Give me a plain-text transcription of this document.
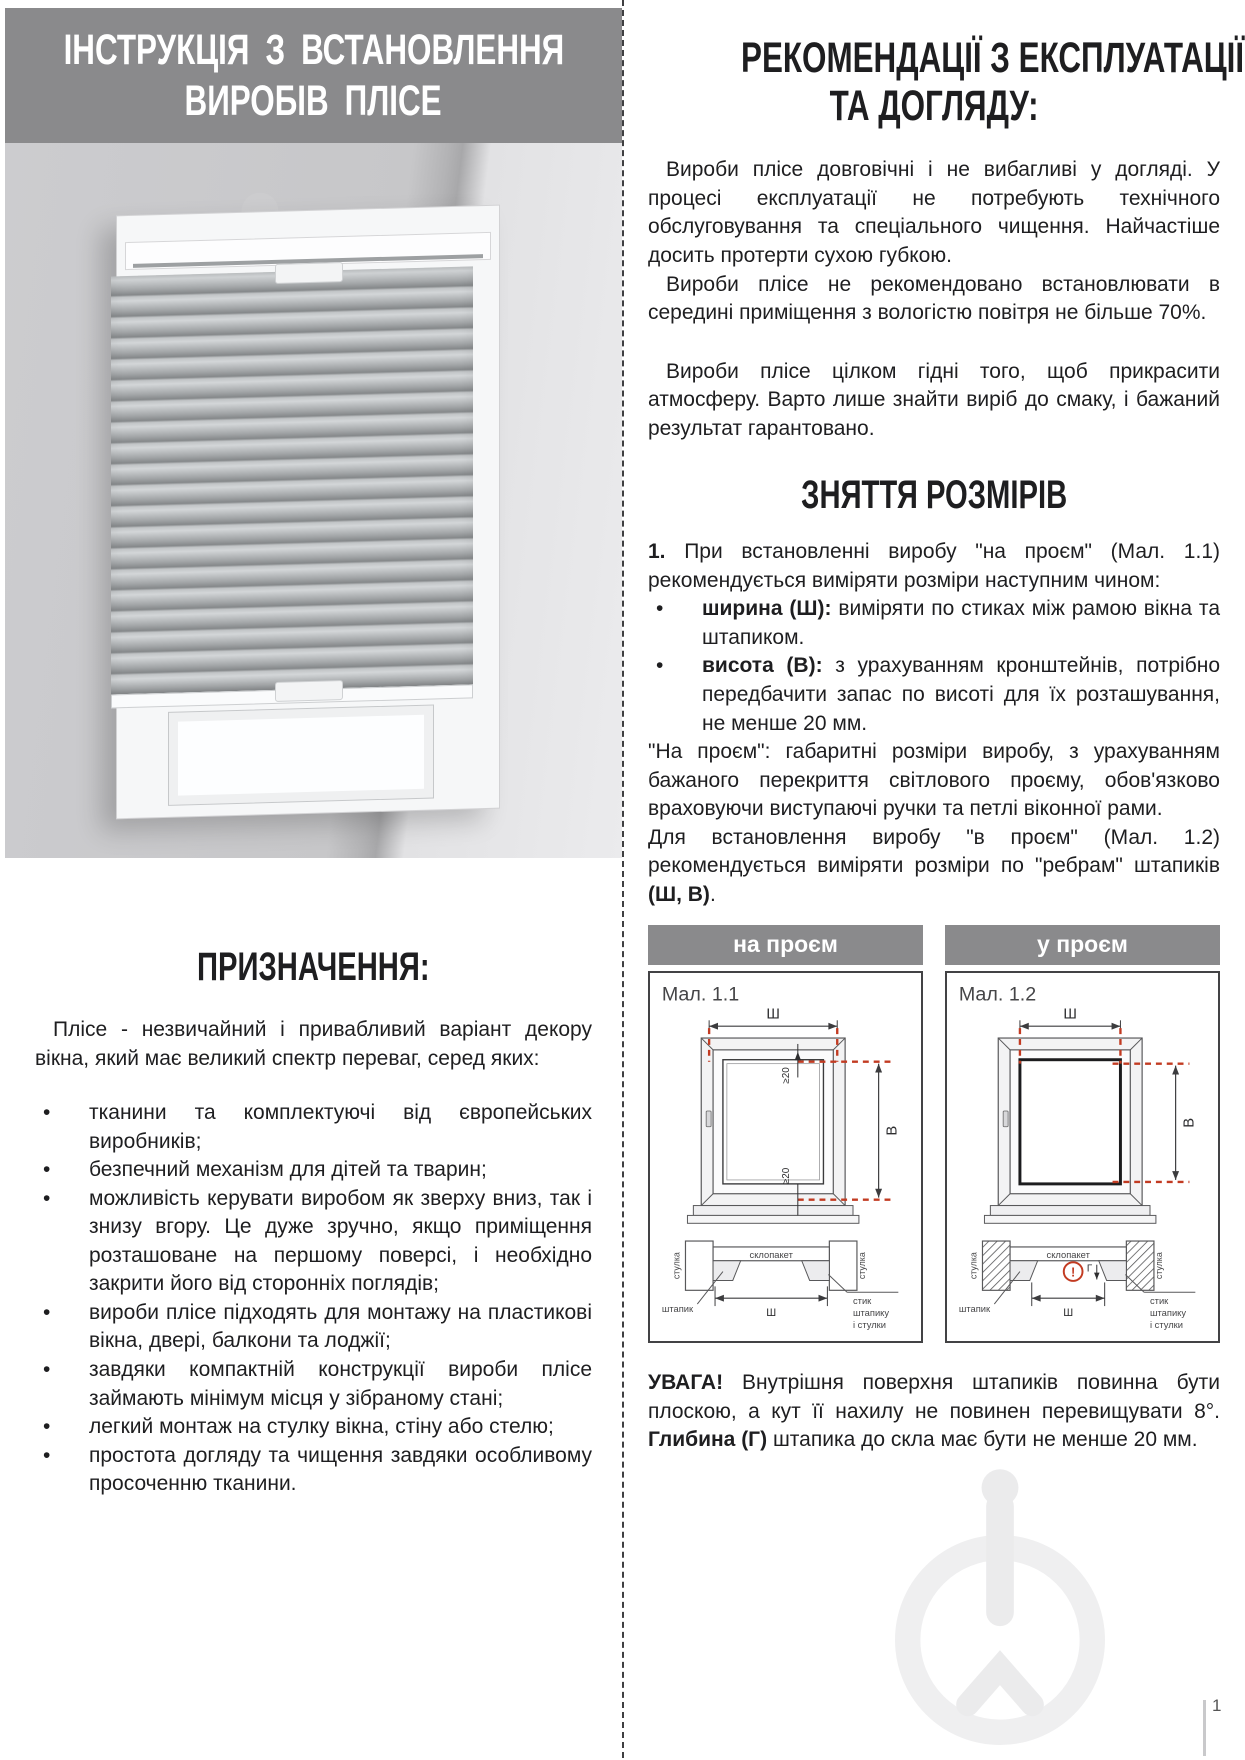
ІНСТРУКЦІЯ З ВСТАНОВЛЕННЯ
ВИРОБІВ ПЛІСЕ
ПРИЗНАЧЕННЯ:

Плісе - незвичайний і привабливий варіант декору вікна, який має великий спектр переваг, серед яких:

•	тканини та комплектуючі від європейських виробників;
•	безпечний механізм для дітей та тварин;
•	можливість керувати виробом як зверху вниз, так і знизу вгору. Це дуже зручно, якщо приміщення розташоване на першому поверсі, і необхідно закрити його від сторонніх поглядів;
•	вироби плісе підходять для монтажу на пластикові вікна, двері, балкони та лоджії;
•	завдяки компактній конструкції вироби плісе займають мінімум місця у зібраному стані;
•	легкий монтаж на стулку вікна, стіну або стелю;
•	простота догляду та чищення завдяки особливому просоченню тканини.
РЕКОМЕНДАЦІЇ З ЕКСПЛУАТАЦІЇ
ТА ДОГЛЯДУ:

Вироби плісе довговічні і не вибагливі у догляді. У процесі експлуатації не потребують технічного обслуговування та спеціального чищення. Найчастіше досить протерти сухою губкою.

Вироби плісе не рекомендовано встановлювати в середині приміщення з вологістю повітря не більше 70%.

Вироби плісе цілком гідні того, щоб прикрасити атмосферу. Варто лише знайти виріб до смаку, і бажаний результат гарантовано.

ЗНЯТТЯ РОЗМІРІВ

1. При встановленні виробу "на проєм" (Мал. 1.1) рекомендується виміряти розміри наступним чином:

•	ширина (Ш): виміряти по стиках між рамою вікна та штапиком.
•	висота (В): з урахуванням кронштейнів, потрібно передбачити запас по висоті для їх розташування, не менше 20 мм.

"На проєм": габаритні розміри виробу, з урахуванням бажаного перекриття світлового проєму, обов'язково враховуючи виступаючі ручки та петлі віконної рами.

Для встановлення виробу "в проєм" (Мал. 1.2) рекомендується виміряти розміри по "ребрам" штапиків (Ш, В).

на проєм
Мал. 1.1
Ш
В
≥20
≥20
стулка	стулка
склопакет
Ш
штапик
стик
штапику
і стулки
у проєм
Мал. 1.2
Ш
В
стулка	стулка
склопакет
Ш
штапик
стик
штапику
і стулки
! Г

УВАГА! Внутрішня поверхня штапиків повинна бути плоскою, а кут її нахилу не повинен перевищувати 8°. Глибина (Г) штапика до скла має бути не менше 20 мм.

1
